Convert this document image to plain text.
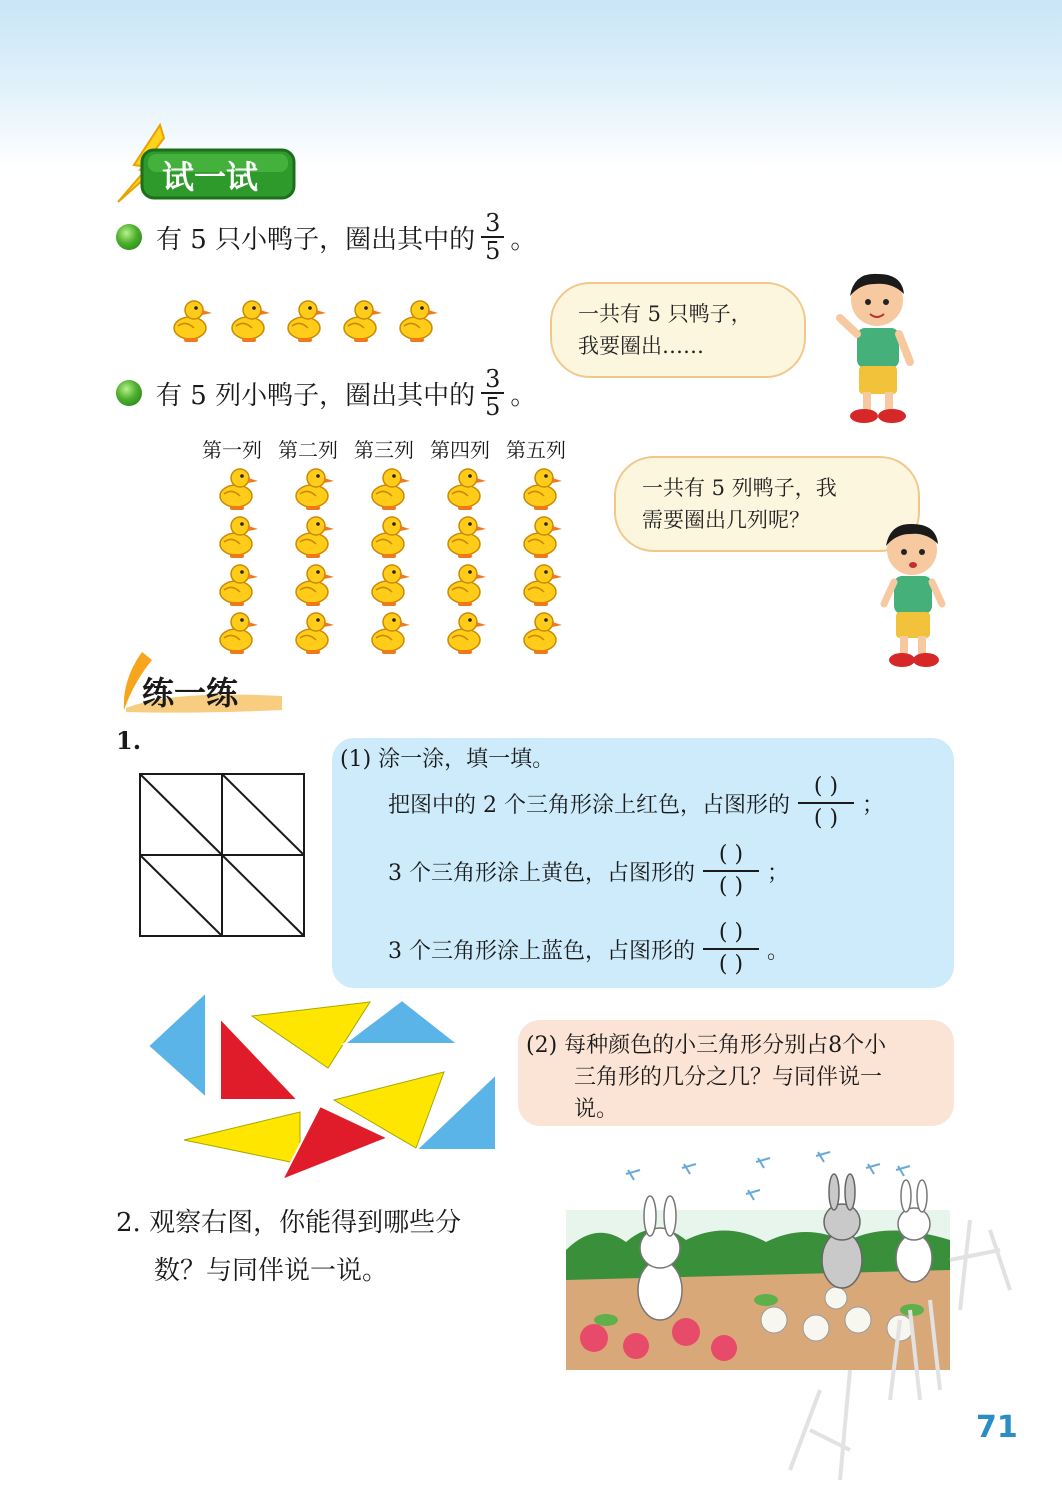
试一试
有 5 只小鸭子，圈出其中的 $\frac{3}{5}$ 。
一共有 5 只鸭子，
我要圈出……
有 5 列小鸭子，圈出其中的 $\frac{3}{5}$ 。
第一列 第二列 第三列 第四列 第五列
一共有 5 列鸭子，我
需要圈出几列呢？
练一练
1.
(1) 涂一涂，填一填。
把图中的 2 个三角形涂上红色，占图形的
( )
( )
；
3 个三角形涂上黄色，占图形的
( )
( )
；
3 个三角形涂上蓝色，占图形的
( )
( )
。
(2) 每种颜色的小三角形分别占8个小
三角形的几分之几？与同伴说一
说。
2. 观察右图，你能得到哪些分
数？与同伴说一说。
71
